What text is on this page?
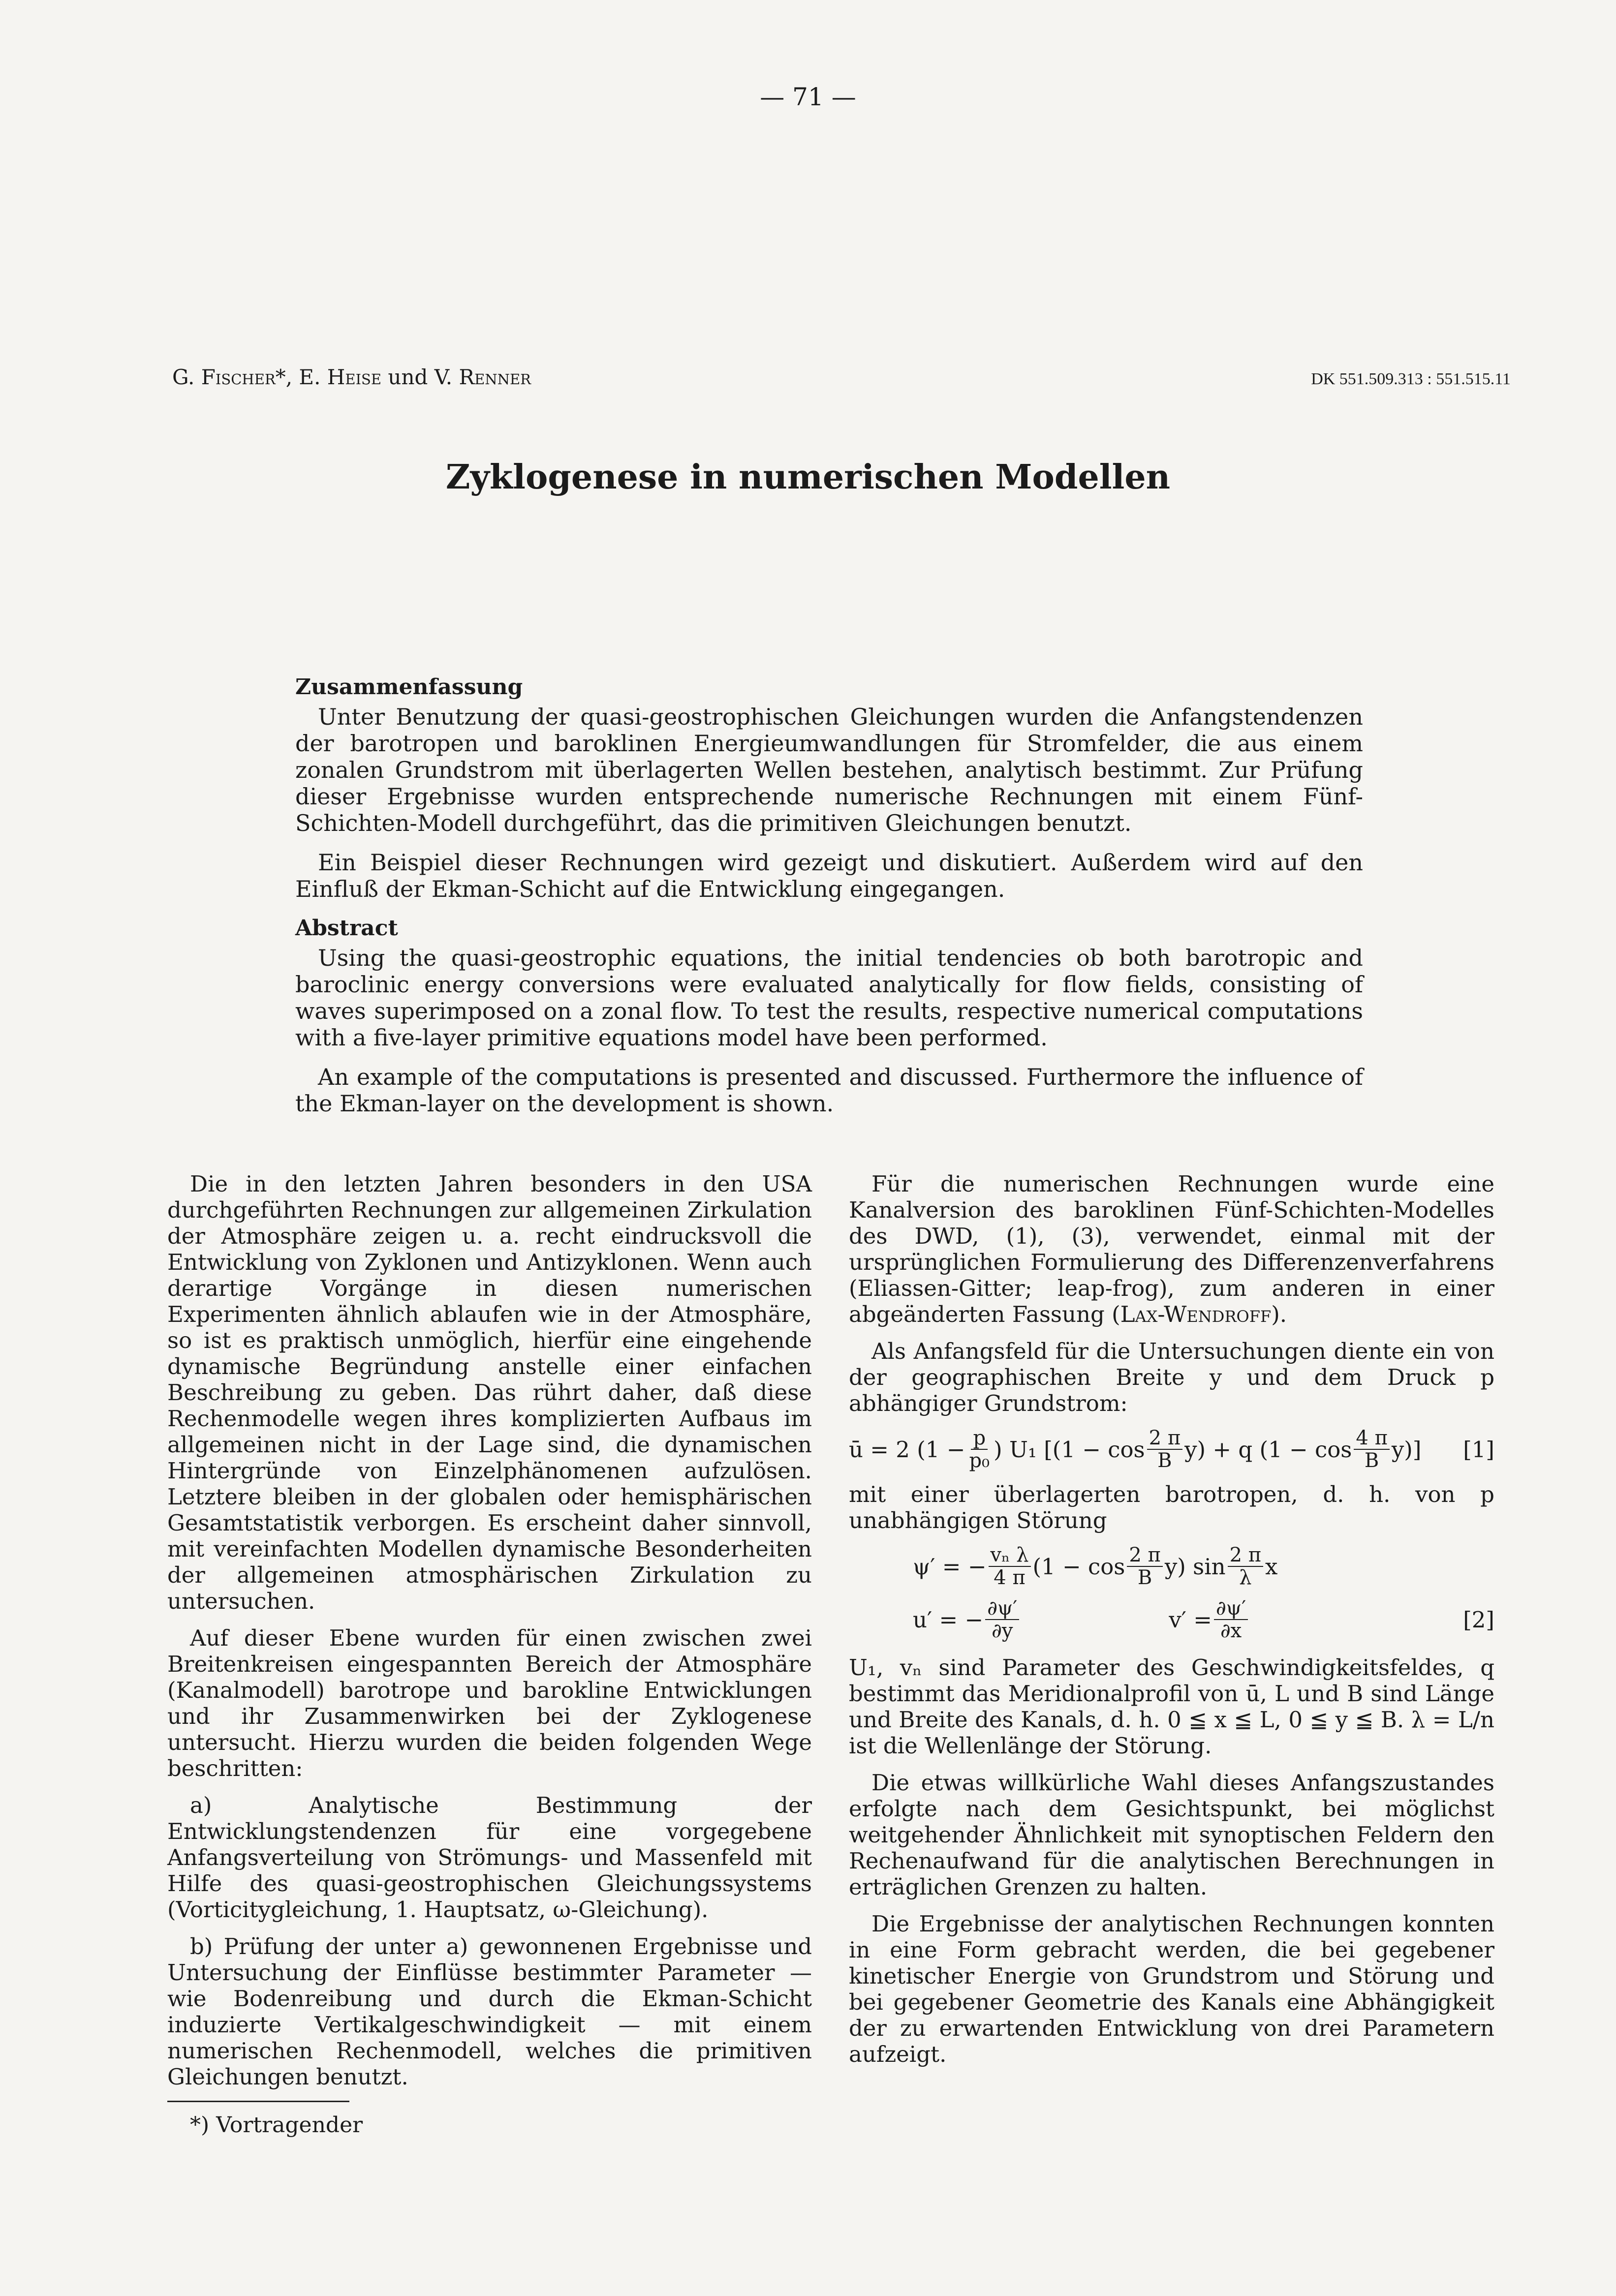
— 71 —
G. Fischer*, E. Heise und V. Renner	DK 551.509.313 : 551.515.11
Zyklogenese in numerischen Modellen
Zusammenfassung

Unter Benutzung der quasi-geostrophischen Gleichungen wurden die Anfangstendenzen der barotropen und baroklinen Energieumwandlungen für Stromfelder, die aus einem zonalen Grundstrom mit überlagerten Wellen bestehen, analytisch bestimmt. Zur Prüfung dieser Ergebnisse wurden entsprechende numerische Rechnungen mit einem Fünf-Schichten-Modell durchgeführt, das die primitiven Gleichungen benutzt.

Ein Beispiel dieser Rechnungen wird gezeigt und diskutiert. Außerdem wird auf den Einfluß der Ekman-Schicht auf die Entwicklung eingegangen.

Abstract

Using the quasi-geostrophic equations, the initial tendencies ob both barotropic and baroclinic energy conversions were evaluated analytically for flow fields, consisting of waves superimposed on a zonal flow. To test the results, respective numerical computations with a five-layer primitive equations model have been performed.

An example of the computations is presented and discussed. Furthermore the influence of the Ekman-layer on the development is shown.

Die in den letzten Jahren besonders in den USA durchgeführten Rechnungen zur allgemeinen Zirkulation der Atmosphäre zeigen u. a. recht eindrucksvoll die Entwicklung von Zyklonen und Antizyklonen. Wenn auch derartige Vorgänge in diesen numerischen Experimenten ähnlich ablaufen wie in der Atmosphäre, so ist es praktisch unmöglich, hierfür eine eingehende dynamische Begründung anstelle einer einfachen Beschreibung zu geben. Das rührt daher, daß diese Rechenmodelle wegen ihres komplizierten Aufbaus im allgemeinen nicht in der Lage sind, die dynamischen Hintergründe von Einzelphänomenen aufzulösen. Letztere bleiben in der globalen oder hemisphärischen Gesamtstatistik verborgen. Es erscheint daher sinnvoll, mit vereinfachten Modellen dynamische Besonderheiten der allgemeinen atmosphärischen Zirkulation zu untersuchen.

Auf dieser Ebene wurden für einen zwischen zwei Breitenkreisen eingespannten Bereich der Atmosphäre (Kanalmodell) barotrope und barokline Entwicklungen und ihr Zusammenwirken bei der Zyklogenese untersucht. Hierzu wurden die beiden folgenden Wege beschritten:

a) Analytische Bestimmung der Entwicklungstendenzen für eine vorgegebene Anfangsverteilung von Strömungs- und Massenfeld mit Hilfe des quasi-geostrophischen Gleichungssystems (Vorticitygleichung, 1. Hauptsatz, ω-Gleichung).

b) Prüfung der unter a) gewonnenen Ergebnisse und Untersuchung der Einflüsse bestimmter Parameter — wie Bodenreibung und durch die Ekman-Schicht induzierte Vertikalgeschwindigkeit — mit einem numerischen Rechenmodell, welches die primitiven Gleichungen benutzt.

*) Vortragender

Für die numerischen Rechnungen wurde eine Kanalversion des baroklinen Fünf-Schichten-Modelles des DWD, (1), (3), verwendet, einmal mit der ursprünglichen Formulierung des Differenzenverfahrens (Eliassen-Gitter; leap-frog), zum anderen in einer abgeänderten Fassung (Lax-Wendroff).

Als Anfangsfeld für die Untersuchungen diente ein von der geographischen Breite y und dem Druck p abhängiger Grundstrom:

ū = 2 ($1 - \frac{p}{\text{p₀}}$ ) U₁ [$(1 - \cos \frac{2 \pi}{B} y) + q$ $(1 - \cos \frac{4 \pi}{B} y)$] [1]

mit einer überlagerten barotropen, d. h. von p unabhängigen Störung

ψ′ = − $\frac{\text{vₙ λ}}{4 \pi} (1 - \cos \frac{2 \pi}{B} y)$ $\sin \frac{2 \pi}{\lambda}$ x
u′ = − $\frac{\partial\psi'}{\partial y}$	$v' = \frac{\partial\psi'}{\partial x}$	[2]

U₁, vₙ sind Parameter des Geschwindigkeitsfeldes, q bestimmt das Meridionalprofil von ū, L und B sind Länge und Breite des Kanals, d. h. 0 ≦ x ≦ L, 0 ≦ y ≦ B. λ = L/n ist die Wellenlänge der Störung.

Die etwas willkürliche Wahl dieses Anfangszustandes erfolgte nach dem Gesichtspunkt, bei möglichst weitgehender Ähnlichkeit mit synoptischen Feldern den Rechenaufwand für die analytischen Berechnungen in erträglichen Grenzen zu halten.

Die Ergebnisse der analytischen Rechnungen konnten in eine Form gebracht werden, die bei gegebener kinetischer Energie von Grundstrom und Störung und bei gegebener Geometrie des Kanals eine Abhängigkeit der zu erwartenden Entwicklung von drei Parametern aufzeigt.
